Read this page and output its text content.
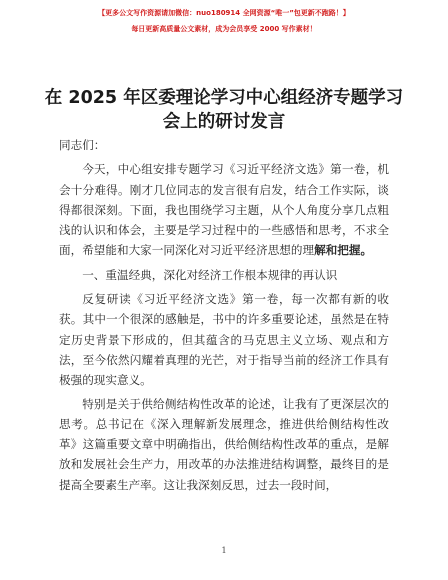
【更多公文写作资源请加微信：nuo180914 全网资源“唯一”包更新不跑路！】
每日更新高质量公文素材，成为会员享受 2000 写作素材！
在 2025 年区委理论学习中心组经济专题学习会上的研讨发言

同志们：

今天，中心组安排专题学习《习近平经济文选》第一卷，机会十分难得。刚才几位同志的发言很有启发，结合工作实际，谈得都很深刻。下面，我也围绕学习主题，从个人角度分享几点粗浅的认识和体会，主要是学习过程中的一些感悟和思考，不求全面，希望能和大家一同深化对习近平经济思想的理解和把握。

一、重温经典，深化对经济工作根本规律的再认识

反复研读《习近平经济文选》第一卷，每一次都有新的收获。其中一个很深的感触是，书中的许多重要论述，虽然是在特定历史背景下形成的，但其蕴含的马克思主义立场、观点和方法，至今依然闪耀着真理的光芒，对于指导当前的经济工作具有极强的现实意义。

特别是关于供给侧结构性改革的论述，让我有了更深层次的思考。总书记在《深入理解新发展理念，推进供给侧结构性改革》这篇重要文章中明确指出，供给侧结构性改革的重点，是解放和发展社会生产力，用改革的办法推进结构调整，最终目的是提高全要素生产率。这让我深刻反思，过去一段时间，

1
